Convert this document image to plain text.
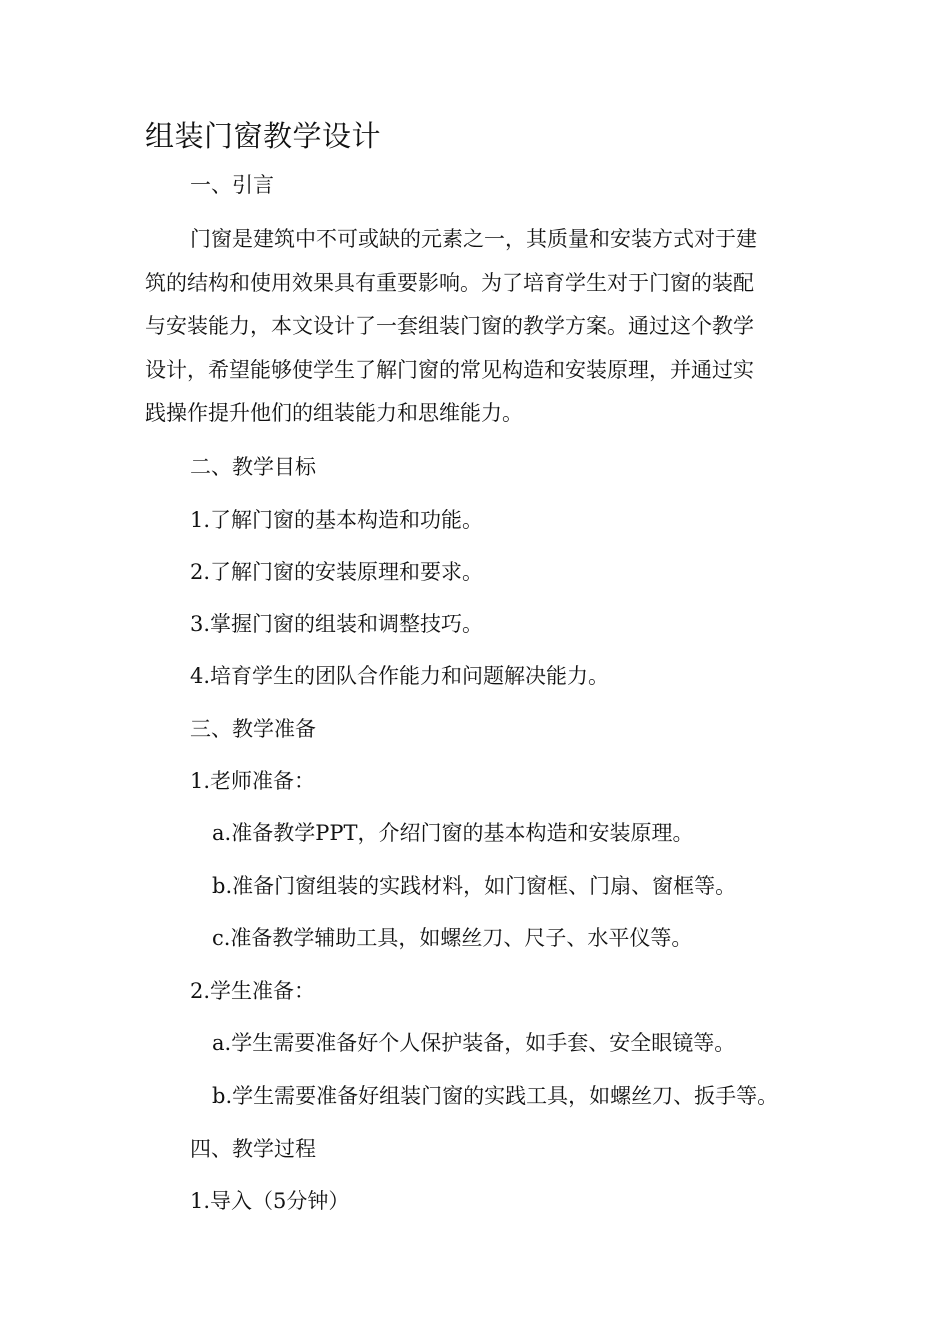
组装门窗教学设计
一、引言
门窗是建筑中不可或缺的元素之一，其质量和安装方式对于建
筑的结构和使用效果具有重要影响。为了培育学生对于门窗的装配
与安装能力，本文设计了一套组装门窗的教学方案。通过这个教学
设计，希望能够使学生了解门窗的常见构造和安装原理，并通过实
践操作提升他们的组装能力和思维能力。
二、教学目标
1.了解门窗的基本构造和功能。
2.了解门窗的安装原理和要求。
3.掌握门窗的组装和调整技巧。
4.培育学生的团队合作能力和问题解决能力。
三、教学准备
1.老师准备：
a.准备教学PPT，介绍门窗的基本构造和安装原理。
b.准备门窗组装的实践材料，如门窗框、门扇、窗框等。
c.准备教学辅助工具，如螺丝刀、尺子、水平仪等。
2.学生准备：
a.学生需要准备好个人保护装备，如手套、安全眼镜等。
b.学生需要准备好组装门窗的实践工具，如螺丝刀、扳手等。
四、教学过程
1.导入（5分钟）
